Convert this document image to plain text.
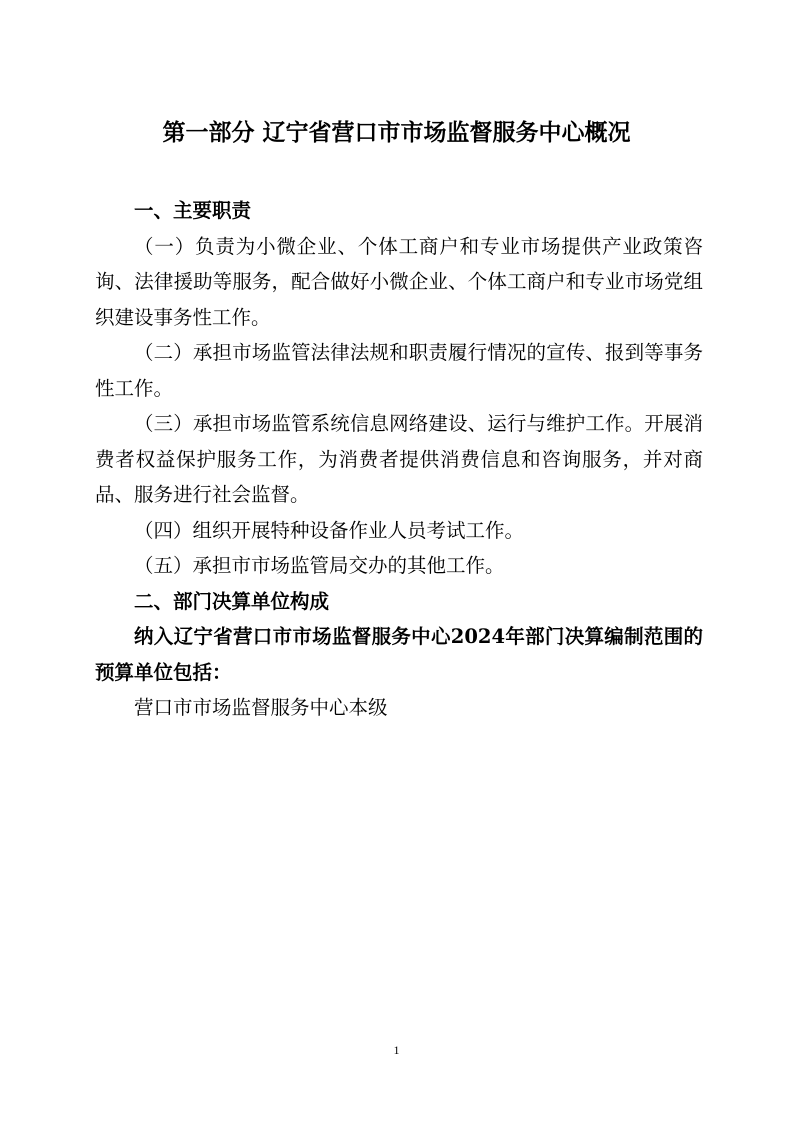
第一部分 辽宁省营口市市场监督服务中心概况

一、主要职责

（一）负责为小微企业、个体工商户和专业市场提供产业政策咨询、法律援助等服务，配合做好小微企业、个体工商户和专业市场党组织建设事务性工作。

（二）承担市场监管法律法规和职责履行情况的宣传、报到等事务性工作。

（三）承担市场监管系统信息网络建设、运行与维护工作。开展消费者权益保护服务工作，为消费者提供消费信息和咨询服务，并对商品、服务进行社会监督。

（四）组织开展特种设备作业人员考试工作。

（五）承担市市场监管局交办的其他工作。

二、部门决算单位构成

纳入辽宁省营口市市场监督服务中心2024年部门决算编制范围的预算单位包括：

营口市市场监督服务中心本级

1
